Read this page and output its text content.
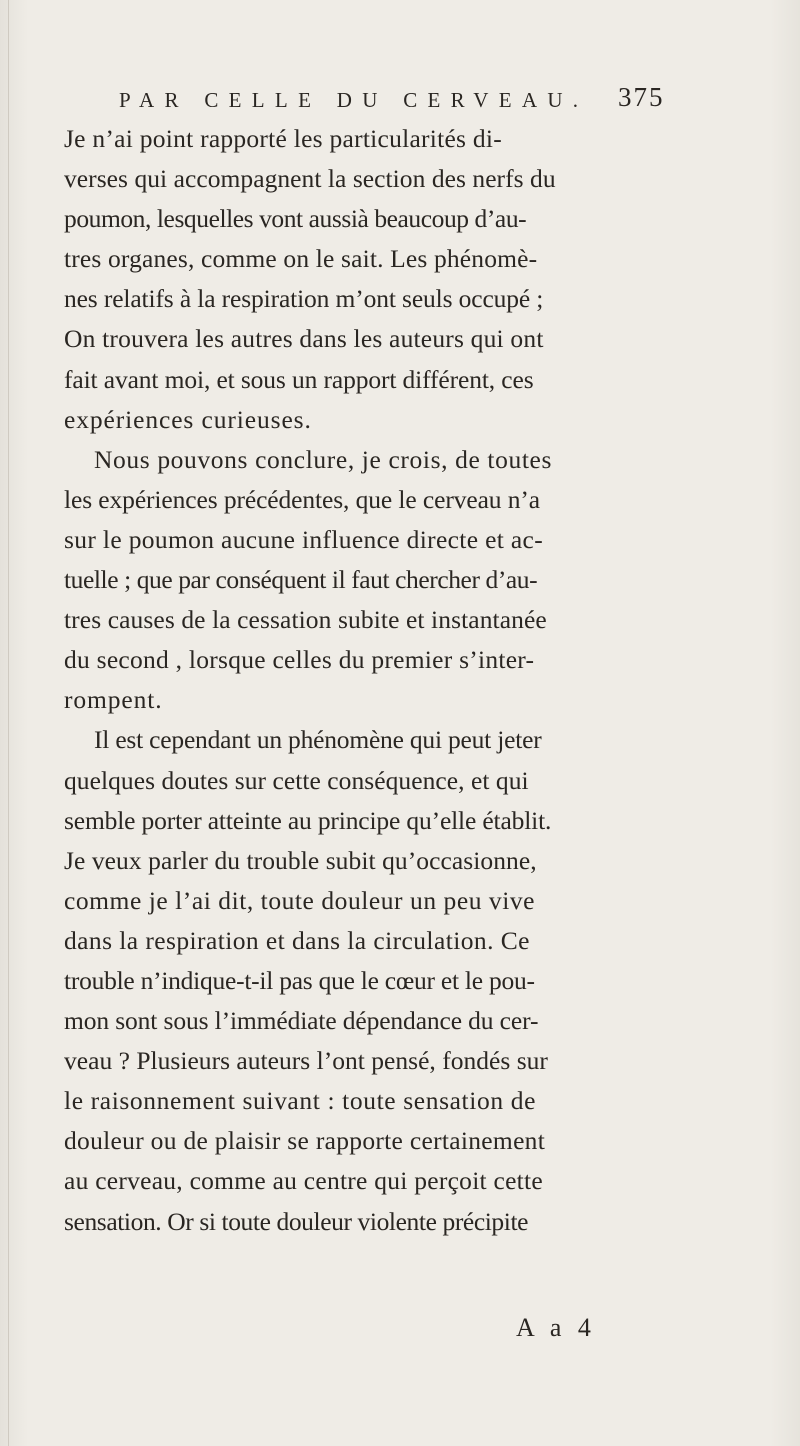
PAR CELLE DU CERVEAU. 375
Je n’ai point rapporté les particularités di-
verses qui accompagnent la section des nerfs du
poumon, lesquelles vont aussià beaucoup d’au-
tres organes, comme on le sait. Les phénomè-
nes relatifs à la respiration m’ont seuls occupé ;
On trouvera les autres dans les auteurs qui ont
fait avant moi, et sous un rapport différent, ces
expériences curieuses.
Nous pouvons conclure, je crois, de toutes
les expériences précédentes, que le cerveau n’a
sur le poumon aucune influence directe et ac-
tuelle ; que par conséquent il faut chercher d’au-
tres causes de la cessation subite et instantanée
du second , lorsque celles du premier s’inter-
rompent.
Il est cependant un phénomène qui peut jeter
quelques doutes sur cette conséquence, et qui
semble porter atteinte au principe qu’elle établit.
Je veux parler du trouble subit qu’occasionne,
comme je l’ai dit, toute douleur un peu vive
dans la respiration et dans la circulation. Ce
trouble n’indique-t-il pas que le cœur et le pou-
mon sont sous l’immédiate dépendance du cer-
veau ? Plusieurs auteurs l’ont pensé, fondés sur
le raisonnement suivant : toute sensation de
douleur ou de plaisir se rapporte certainement
au cerveau, comme au centre qui perçoit cette
sensation. Or si toute douleur violente précipite
A a 4
